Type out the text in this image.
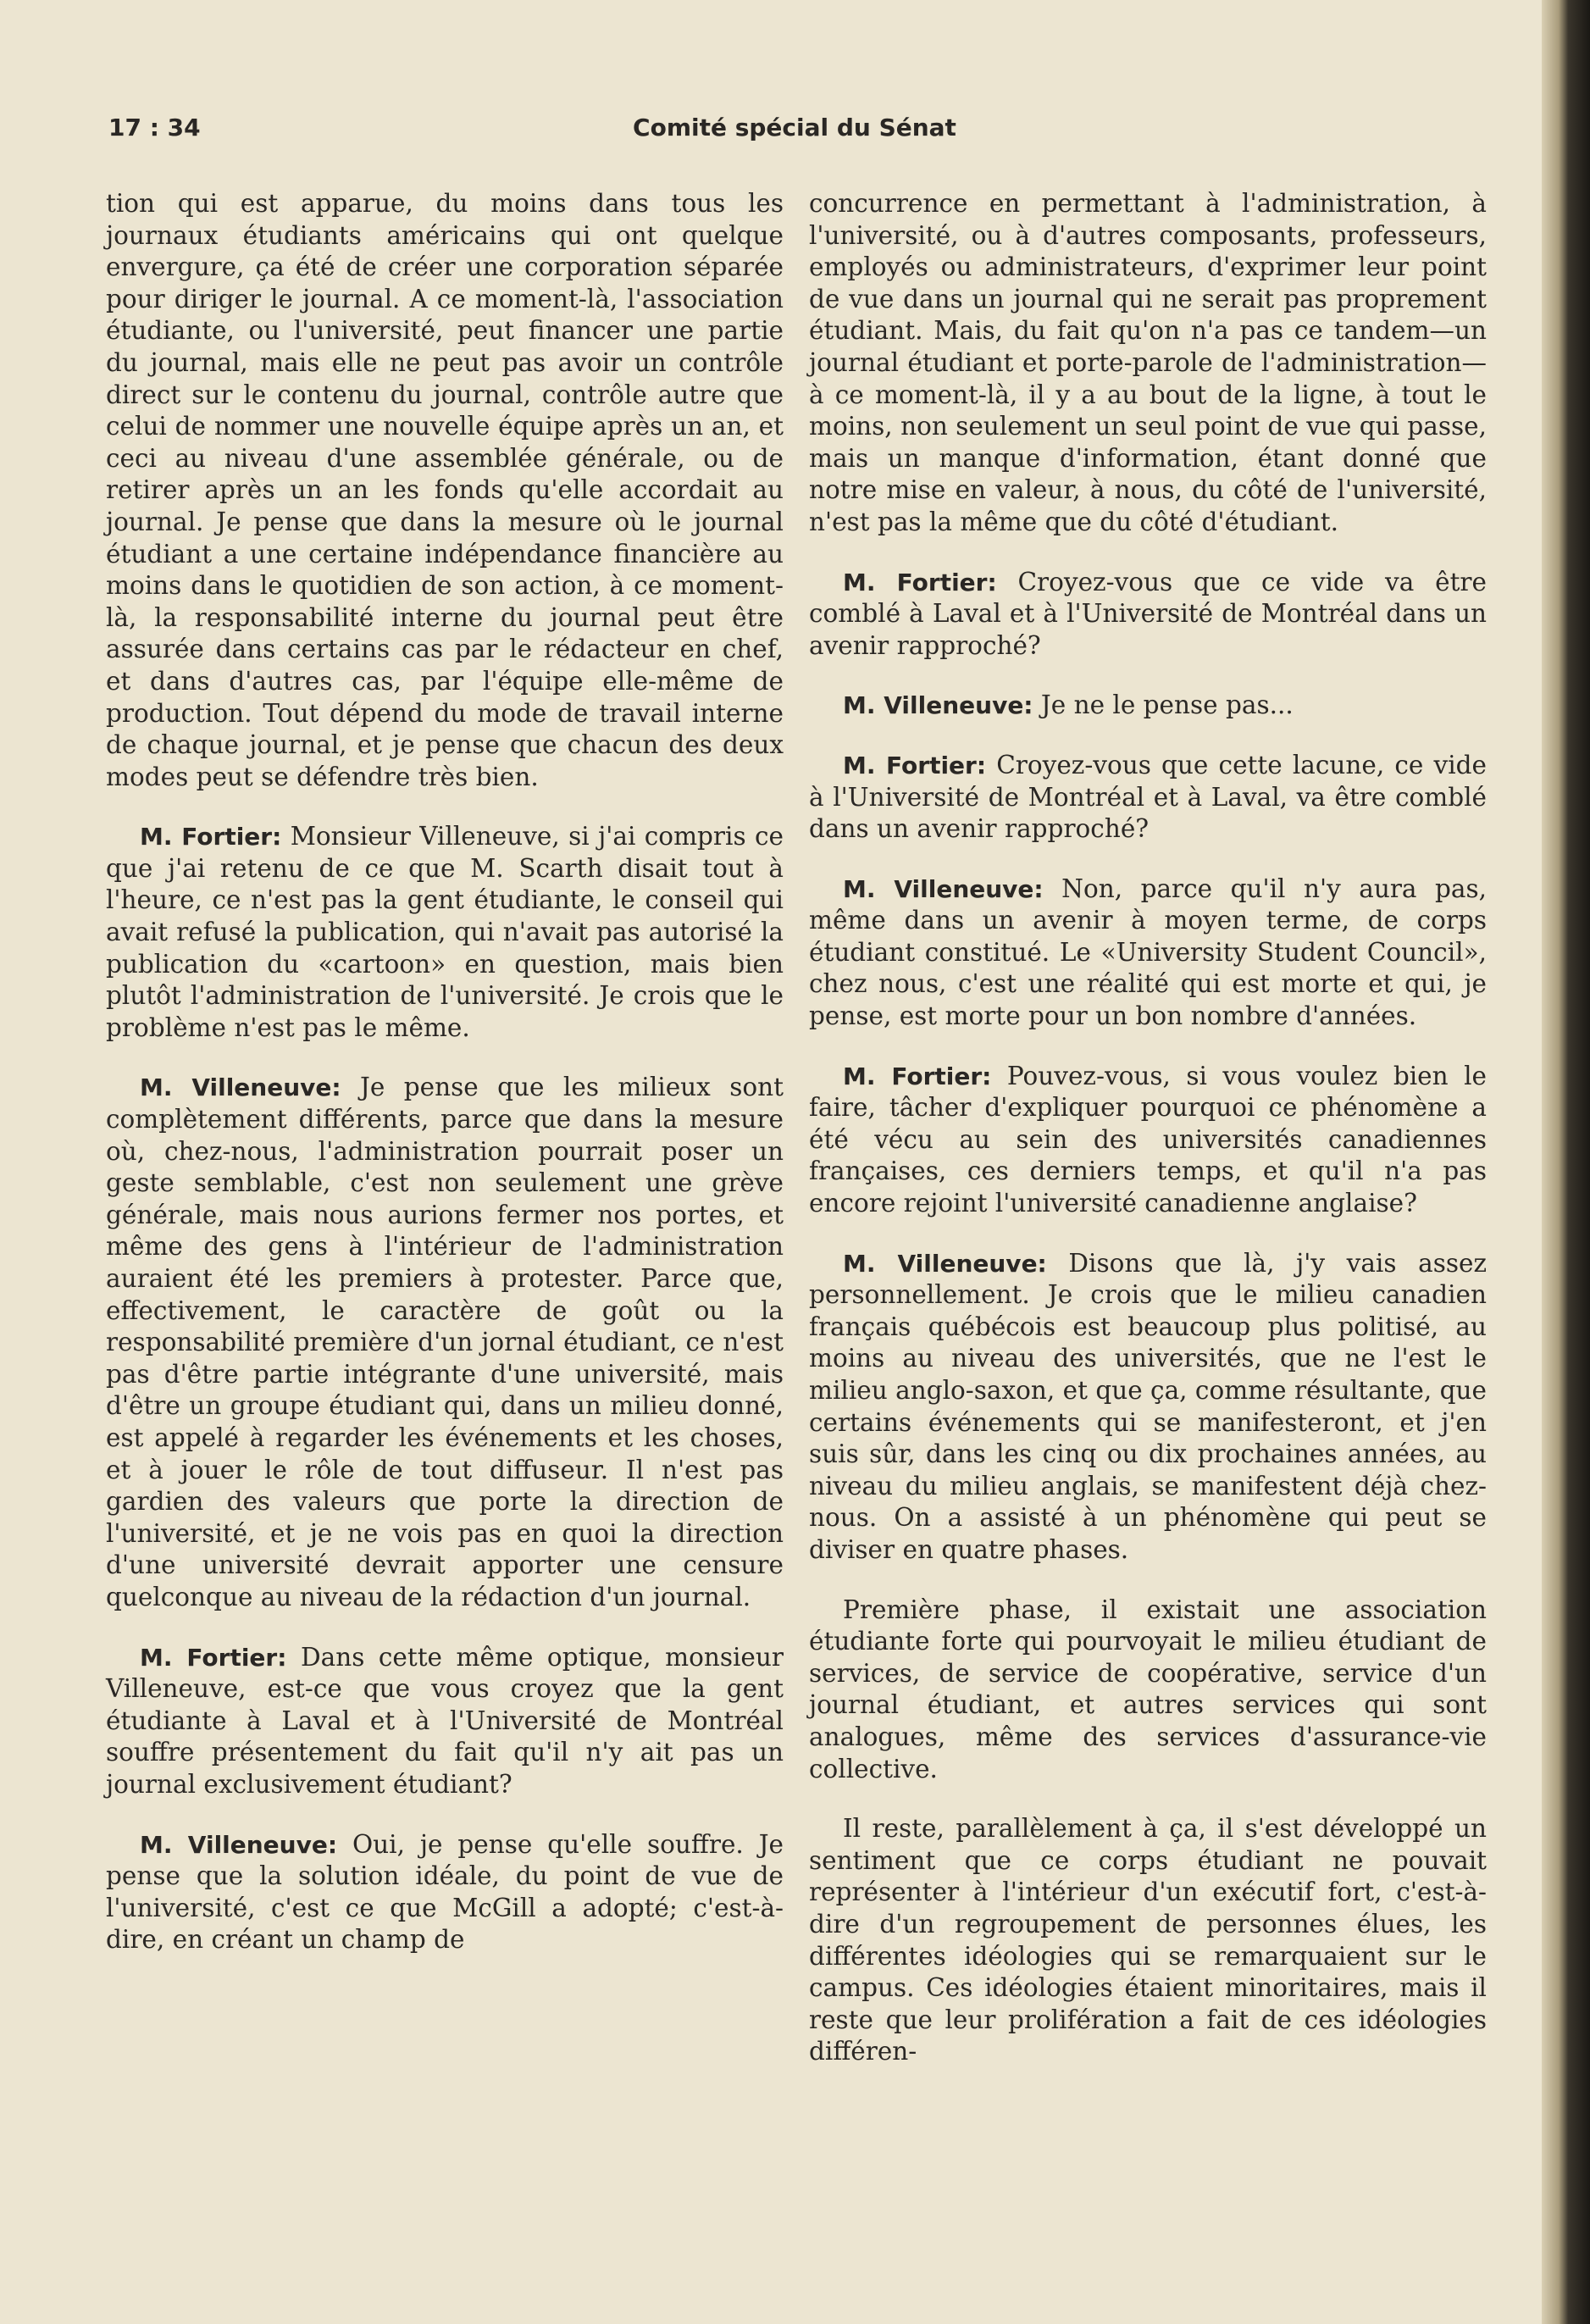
17 : 34	Comité spécial du Sénat

tion qui est apparue, du moins dans tous les journaux étudiants américains qui ont quelque envergure, ça été de créer une corporation séparée pour diriger le journal. A ce moment-là, l'association étudiante, ou l'université, peut financer une partie du journal, mais elle ne peut pas avoir un contrôle direct sur le contenu du journal, contrôle autre que celui de nommer une nouvelle équipe après un an, et ceci au niveau d'une assemblée générale, ou de retirer après un an les fonds qu'elle accordait au journal. Je pense que dans la mesure où le journal étudiant a une certaine indépendance financière au moins dans le quotidien de son action, à ce moment-là, la responsabilité interne du journal peut être assurée dans certains cas par le rédacteur en chef, et dans d'autres cas, par l'équipe elle-même de production. Tout dépend du mode de travail interne de chaque journal, et je pense que chacun des deux modes peut se défendre très bien.

M. Fortier: Monsieur Villeneuve, si j'ai compris ce que j'ai retenu de ce que M. Scarth disait tout à l'heure, ce n'est pas la gent étudiante, le conseil qui avait refusé la publication, qui n'avait pas autorisé la publication du «cartoon» en question, mais bien plutôt l'administration de l'université. Je crois que le problème n'est pas le même.

M. Villeneuve: Je pense que les milieux sont complètement différents, parce que dans la mesure où, chez-nous, l'administration pourrait poser un geste semblable, c'est non seulement une grève générale, mais nous aurions fermer nos portes, et même des gens à l'intérieur de l'administration auraient été les premiers à protester. Parce que, effectivement, le caractère de goût ou la responsabilité première d'un jornal étudiant, ce n'est pas d'être partie intégrante d'une université, mais d'être un groupe étudiant qui, dans un milieu donné, est appelé à regarder les événements et les choses, et à jouer le rôle de tout diffuseur. Il n'est pas gardien des valeurs que porte la direction de l'université, et je ne vois pas en quoi la direction d'une université devrait apporter une censure quelconque au niveau de la rédaction d'un journal.

M. Fortier: Dans cette même optique, monsieur Villeneuve, est-ce que vous croyez que la gent étudiante à Laval et à l'Université de Montréal souffre présentement du fait qu'il n'y ait pas un journal exclusivement étudiant?

M. Villeneuve: Oui, je pense qu'elle souffre. Je pense que la solution idéale, du point de vue de l'université, c'est ce que McGill a adopté; c'est-à-dire, en créant un champ de

concurrence en permettant à l'administration, à l'université, ou à d'autres composants, professeurs, employés ou administrateurs, d'exprimer leur point de vue dans un journal qui ne serait pas proprement étudiant. Mais, du fait qu'on n'a pas ce tandem—un journal étudiant et porte-parole de l'administration— à ce moment-là, il y a au bout de la ligne, à tout le moins, non seulement un seul point de vue qui passe, mais un manque d'information, étant donné que notre mise en valeur, à nous, du côté de l'université, n'est pas la même que du côté d'étudiant.

M. Fortier: Croyez-vous que ce vide va être comblé à Laval et à l'Université de Montréal dans un avenir rapproché?

M. Villeneuve: Je ne le pense pas...

M. Fortier: Croyez-vous que cette lacune, ce vide à l'Université de Montréal et à Laval, va être comblé dans un avenir rapproché?

M. Villeneuve: Non, parce qu'il n'y aura pas, même dans un avenir à moyen terme, de corps étudiant constitué. Le «University Student Council», chez nous, c'est une réalité qui est morte et qui, je pense, est morte pour un bon nombre d'années.

M. Fortier: Pouvez-vous, si vous voulez bien le faire, tâcher d'expliquer pourquoi ce phénomène a été vécu au sein des universités canadiennes françaises, ces derniers temps, et qu'il n'a pas encore rejoint l'université canadienne anglaise?

M. Villeneuve: Disons que là, j'y vais assez personnellement. Je crois que le milieu canadien français québécois est beaucoup plus politisé, au moins au niveau des universités, que ne l'est le milieu anglo-saxon, et que ça, comme résultante, que certains événements qui se manifesteront, et j'en suis sûr, dans les cinq ou dix prochaines années, au niveau du milieu anglais, se manifestent déjà chez-nous. On a assisté à un phénomène qui peut se diviser en quatre phases.

Première phase, il existait une association étudiante forte qui pourvoyait le milieu étudiant de services, de service de coopérative, service d'un journal étudiant, et autres services qui sont analogues, même des services d'assurance-vie collective.

Il reste, parallèlement à ça, il s'est développé un sentiment que ce corps étudiant ne pouvait représenter à l'intérieur d'un exécutif fort, c'est-à-dire d'un regroupement de personnes élues, les différentes idéologies qui se remarquaient sur le campus. Ces idéologies étaient minoritaires, mais il reste que leur prolifération a fait de ces idéologies différen-
